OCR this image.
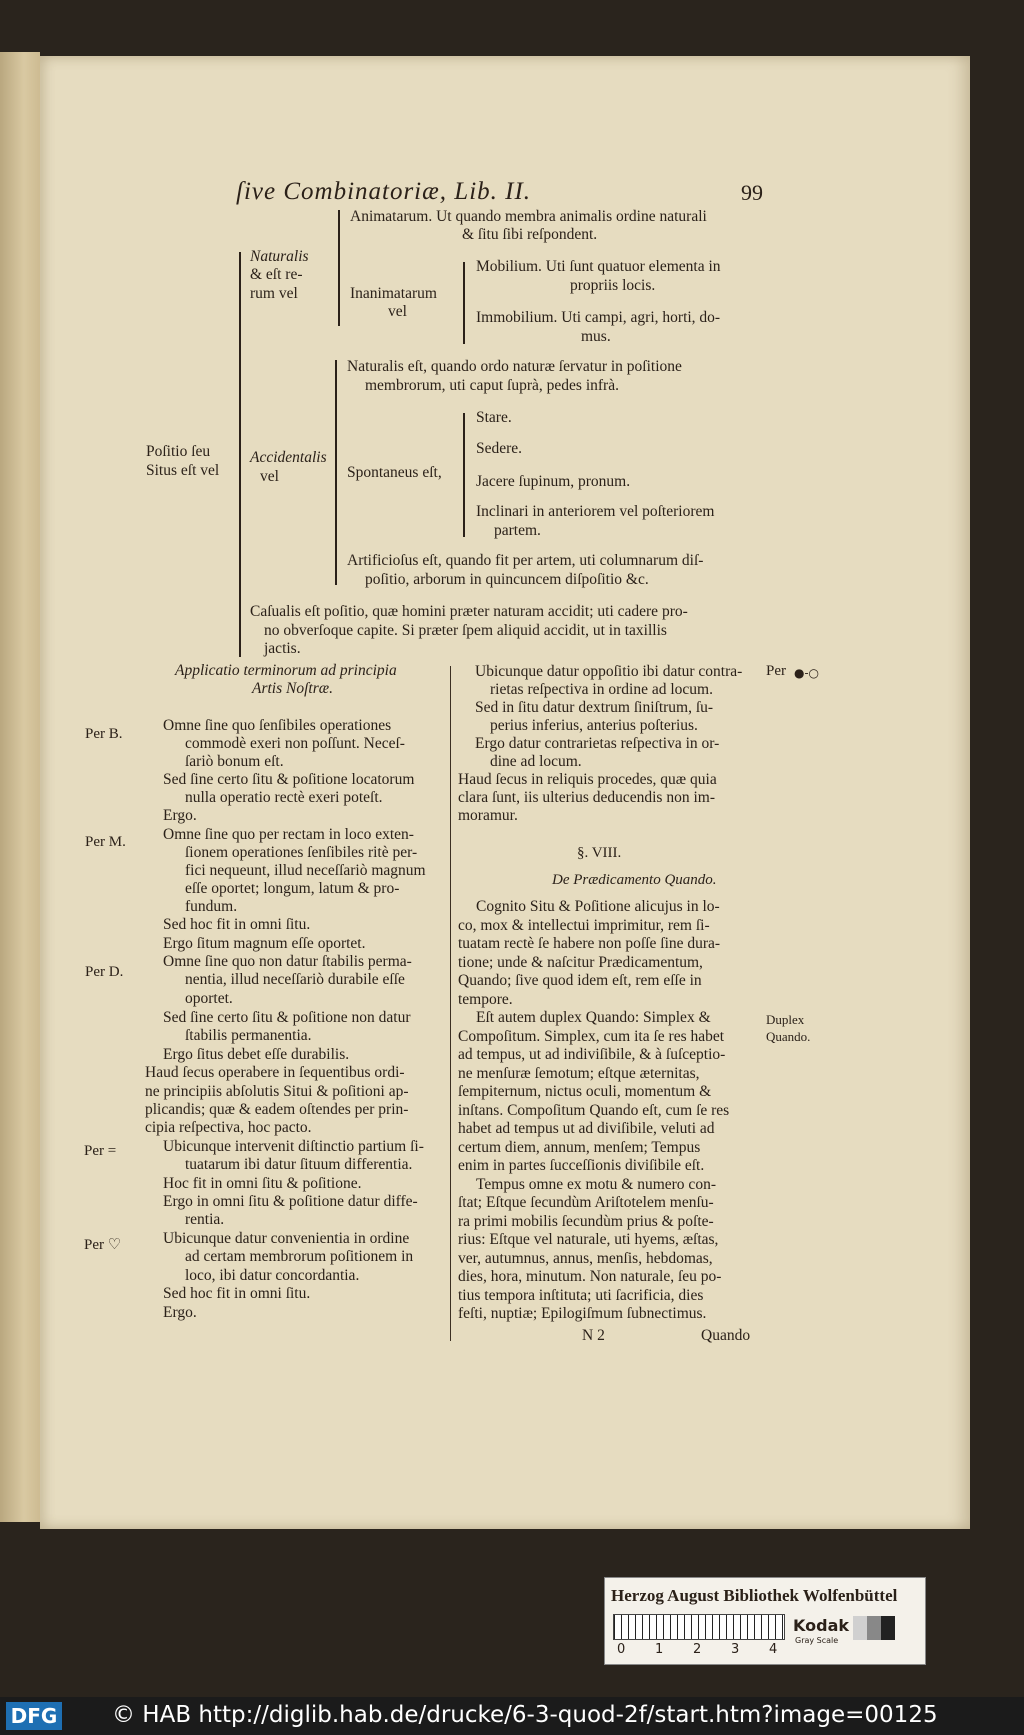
ſive Combinatoriæ, Lib. II.	99
Poſitio ſeu
Situs eſt vel
Naturalis
& eſt re-
rum vel
Animatarum. Ut quando membra animalis ordine naturali
& ſitu ſibi reſpondent.
Inanimatarum
vel
Mobilium. Uti ſunt quatuor elementa in
propriis locis.
Immobilium. Uti campi, agri, horti, do-
mus.
Accidentalis
vel
Naturalis eſt, quando ordo naturæ ſervatur in poſitione
membrorum, uti caput ſuprà, pedes infrà.
Spontaneus eſt,
Stare.
Sedere.
Jacere ſupinum, pronum.
Inclinari in anteriorem vel poſteriorem
partem.
Artificioſus eſt, quando fit per artem, uti columnarum diſ-
poſitio, arborum in quincuncem diſpoſitio &c.
Caſualis eſt poſitio, quæ homini præter naturam accidit; uti cadere pro-
no obverſoque capite. Si præter ſpem aliquid accidit, ut in taxillis
jactis.
Applicatio terminorum ad principia
Artis Noſtræ.
Omne ſine quo ſenſibiles operationes
commodè exeri non poſſunt. Neceſ-
ſariò bonum eſt.
Sed ſine certo ſitu & poſitione locatorum
nulla operatio rectè exeri poteſt.
Ergo.
Omne ſine quo per rectam in loco exten-
ſionem operationes ſenſibiles ritè per-
fici nequeunt, illud neceſſariò magnum
eſſe oportet; longum, latum & pro-
fundum.
Sed hoc fit in omni ſitu.
Ergo ſitum magnum eſſe oportet.
Omne ſine quo non datur ſtabilis perma-
nentia, illud neceſſariò durabile eſſe
oportet.
Sed ſine certo ſitu & poſitione non datur
ſtabilis permanentia.
Ergo ſitus debet eſſe durabilis.
Haud ſecus operabere in ſequentibus ordi-
ne principiis abſolutis Situi & poſitioni ap-
plicandis; quæ & eadem oſtendes per prin-
cipia reſpectiva, hoc pacto.
Ubicunque intervenit diſtinctio partium ſi-
tuatarum ibi datur ſituum differentia.
Hoc fit in omni ſitu & poſitione.
Ergo in omni ſitu & poſitione datur diffe-
rentia.
Ubicunque datur convenientia in ordine
ad certam membrorum poſitionem in
loco, ibi datur concordantia.
Sed hoc fit in omni ſitu.
Ergo.
Per B.
Per M.
Per D.
Per =
Per ♡
Ubicunque datur oppoſitio ibi datur contra-
rietas reſpectiva in ordine ad locum.
Sed in ſitu datur dextrum ſiniſtrum, ſu-
perius inferius, anterius poſterius.
Ergo datur contrarietas reſpectiva in or-
dine ad locum.
Haud ſecus in reliquis procedes, quæ quia
clara ſunt, iis ulterius deducendis non im-
moramur.
Per ●-○
§. VIII.
De Prædicamento Quando.
Cognito Situ & Poſitione alicujus in lo-
co, mox & intellectui imprimitur, rem ſi-
tuatam rectè ſe habere non poſſe ſine dura-
tione; unde & naſcitur Prædicamentum,
Quando; ſive quod idem eſt, rem eſſe in
tempore.
Eſt autem duplex Quando: Simplex &
Compoſitum. Simplex, cum ita ſe res habet
ad tempus, ut ad indiviſibile, & à ſuſceptio-
ne menſuræ ſemotum; eſtque æternitas,
ſempiternum, nictus oculi, momentum &
inſtans. Compoſitum Quando eſt, cum ſe res
habet ad tempus ut ad diviſibile, veluti ad
certum diem, annum, menſem; Tempus
enim in partes ſucceſſionis diviſibile eſt.
Tempus omne ex motu & numero con-
ſtat; Eſtque ſecundùm Ariſtotelem menſu-
ra primi mobilis ſecundùm prius & poſte-
rius: Eſtque vel naturale, uti hyems, æſtas,
ver, autumnus, annus, menſis, hebdomas,
dies, hora, minutum. Non naturale, ſeu po-
tius tempora inſtituta; uti ſacrificia, dies
feſti, nuptiæ; Epilogiſmum ſubnectimus.
Duplex
Quando.
N 2	Quando
Herzog August Bibliothek Wolfenbüttel
0 1 2 3 4
Kodak
Gray Scale
DFG © HAB http://diglib.hab.de/drucke/6-3-quod-2f/start.htm?image=00125
